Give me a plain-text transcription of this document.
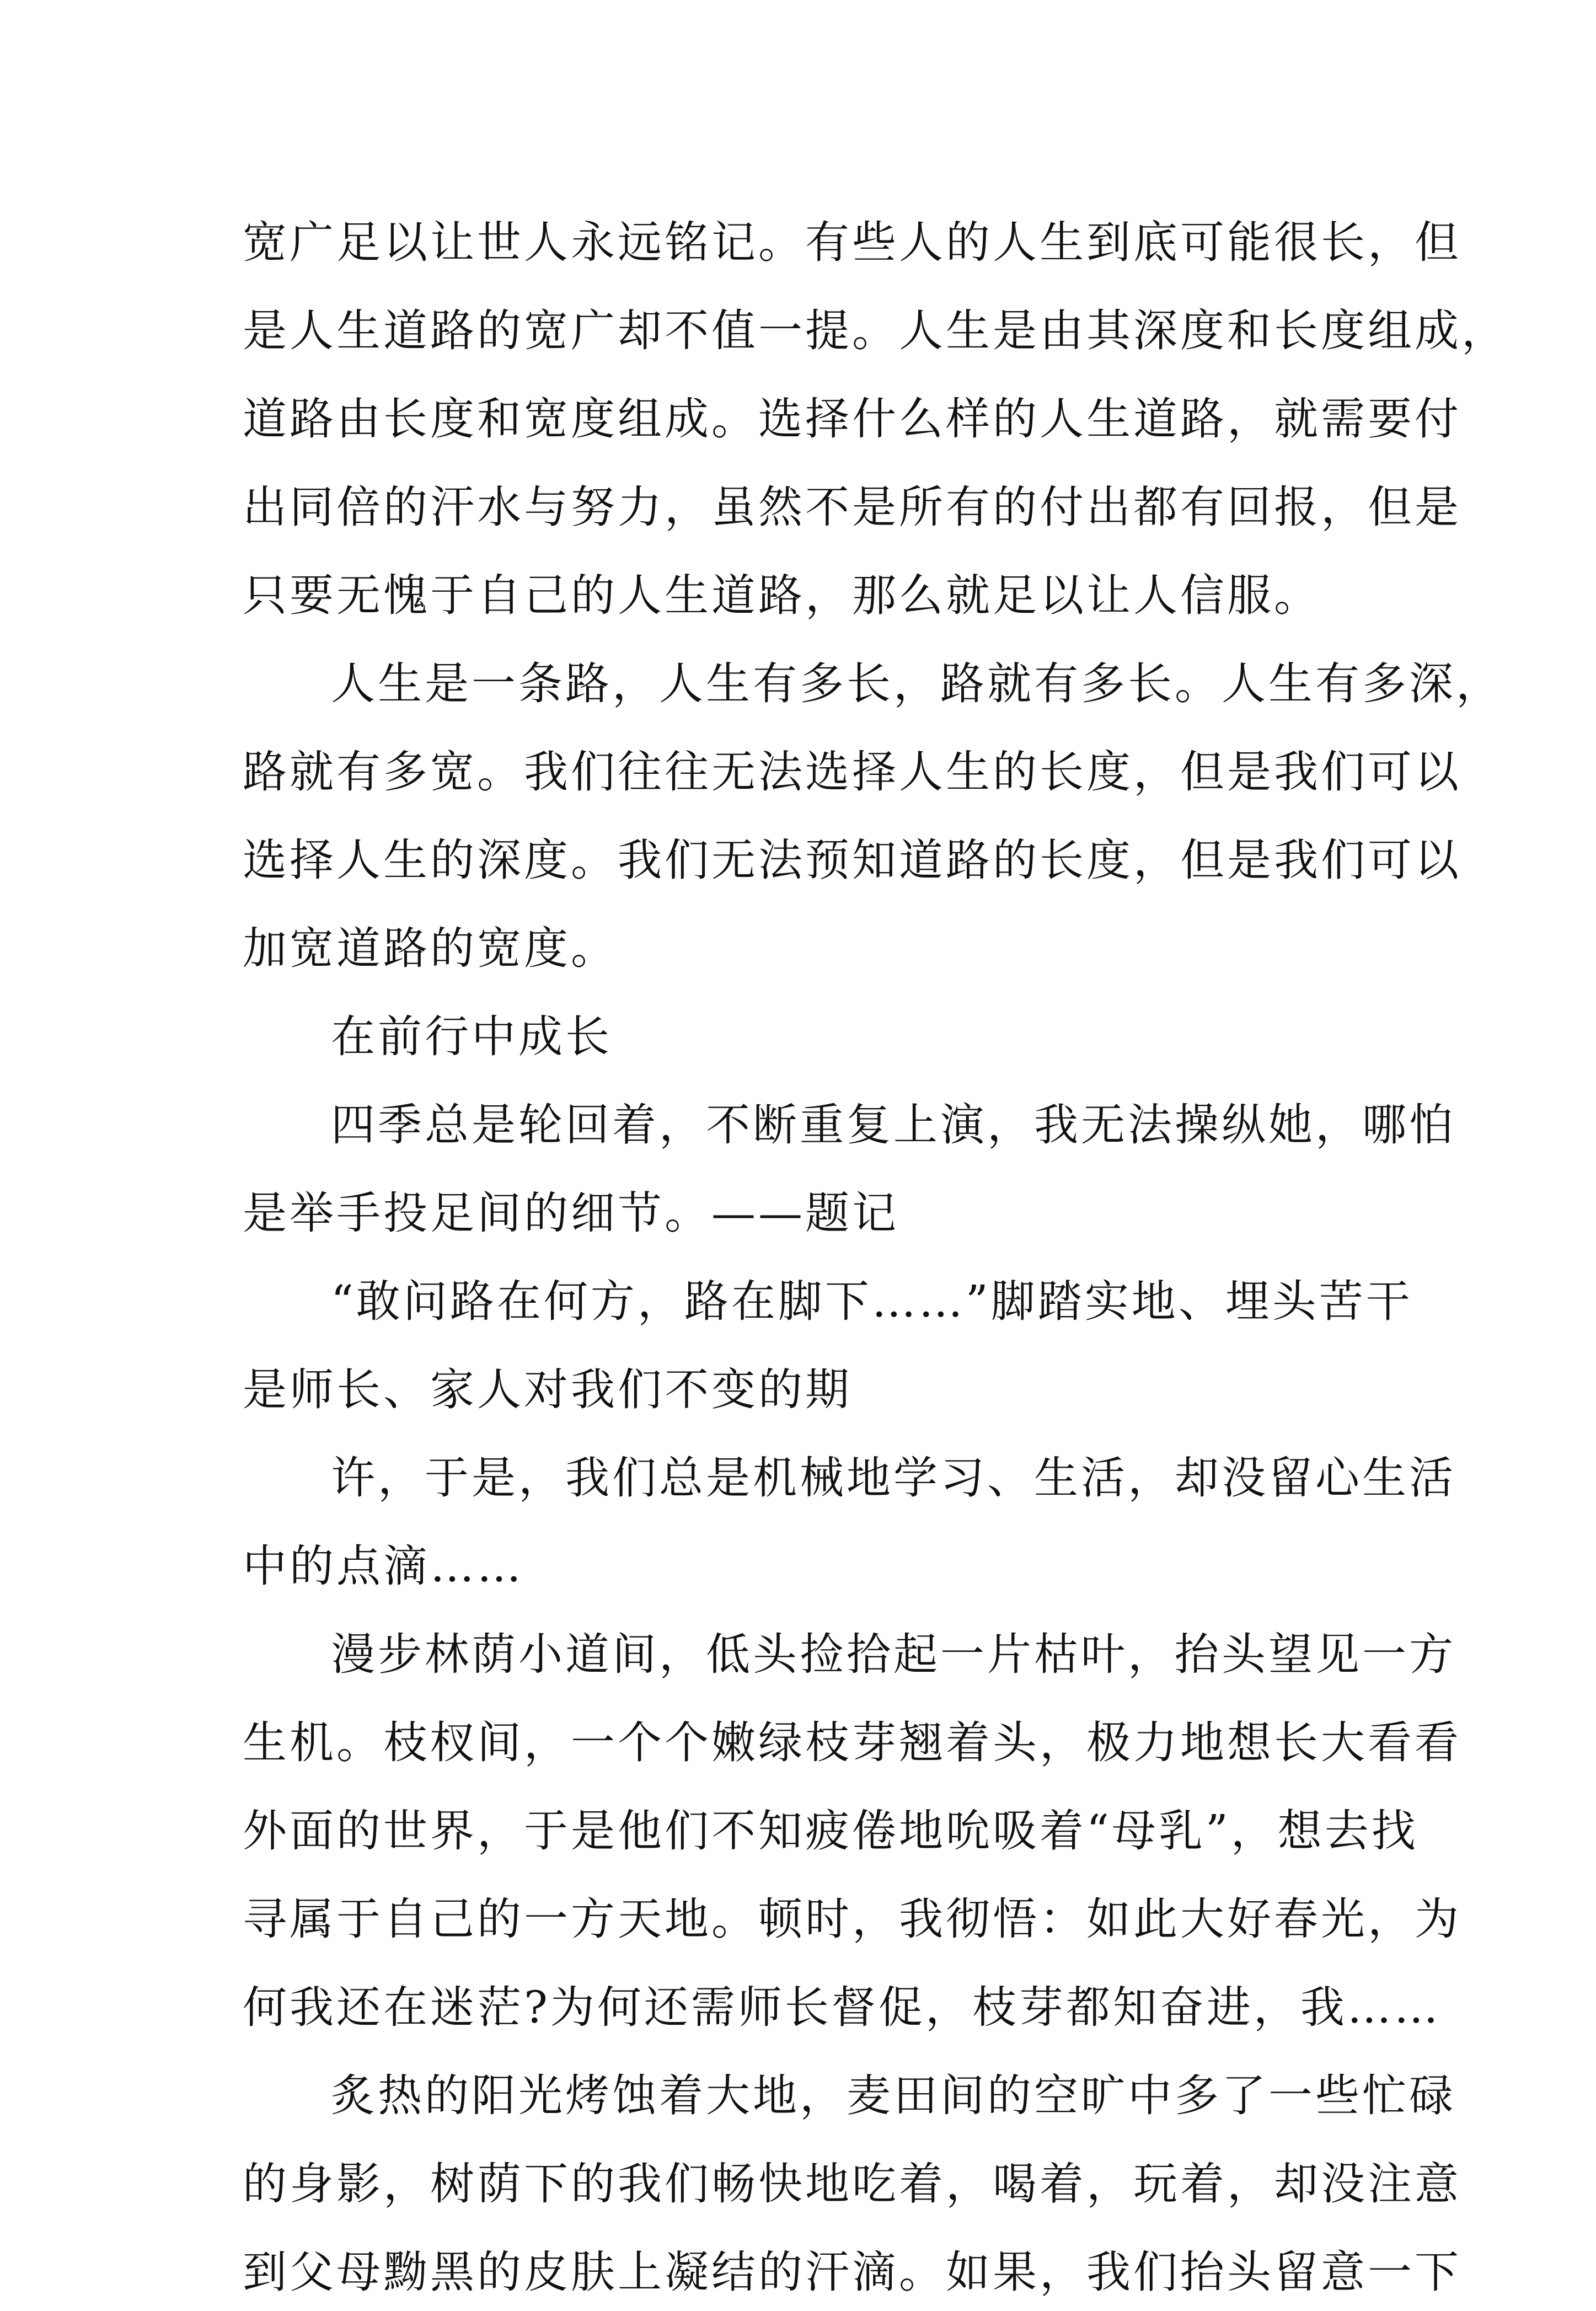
宽广足以让世人永远铭记。有些人的人生到底可能很长，但
是人生道路的宽广却不值一提。人生是由其深度和长度组成，
道路由长度和宽度组成。选择什么样的人生道路，就需要付
出同倍的汗水与努力，虽然不是所有的付出都有回报，但是
只要无愧于自己的人生道路，那么就足以让人信服。
人生是一条路，人生有多长，路就有多长。人生有多深，
路就有多宽。我们往往无法选择人生的长度，但是我们可以
选择人生的深度。我们无法预知道路的长度，但是我们可以
加宽道路的宽度。
在前行中成长
四季总是轮回着，不断重复上演，我无法操纵她，哪怕
是举手投足间的细节。——题记
“敢问路在何方，路在脚下……”脚踏实地、埋头苦干
是师长、家人对我们不变的期
许，于是，我们总是机械地学习、生活，却没留心生活
中的点滴……
漫步林荫小道间，低头捡拾起一片枯叶，抬头望见一方
生机。枝杈间，一个个嫩绿枝芽翘着头，极力地想长大看看
外面的世界，于是他们不知疲倦地吮吸着“母乳”，想去找
寻属于自己的一方天地。顿时，我彻悟：如此大好春光，为
何我还在迷茫?为何还需师长督促，枝芽都知奋进，我……
炙热的阳光烤蚀着大地，麦田间的空旷中多了一些忙碌
的身影，树荫下的我们畅快地吃着，喝着，玩着，却没注意
到父母黝黑的皮肤上凝结的汗滴。如果，我们抬头留意一下
